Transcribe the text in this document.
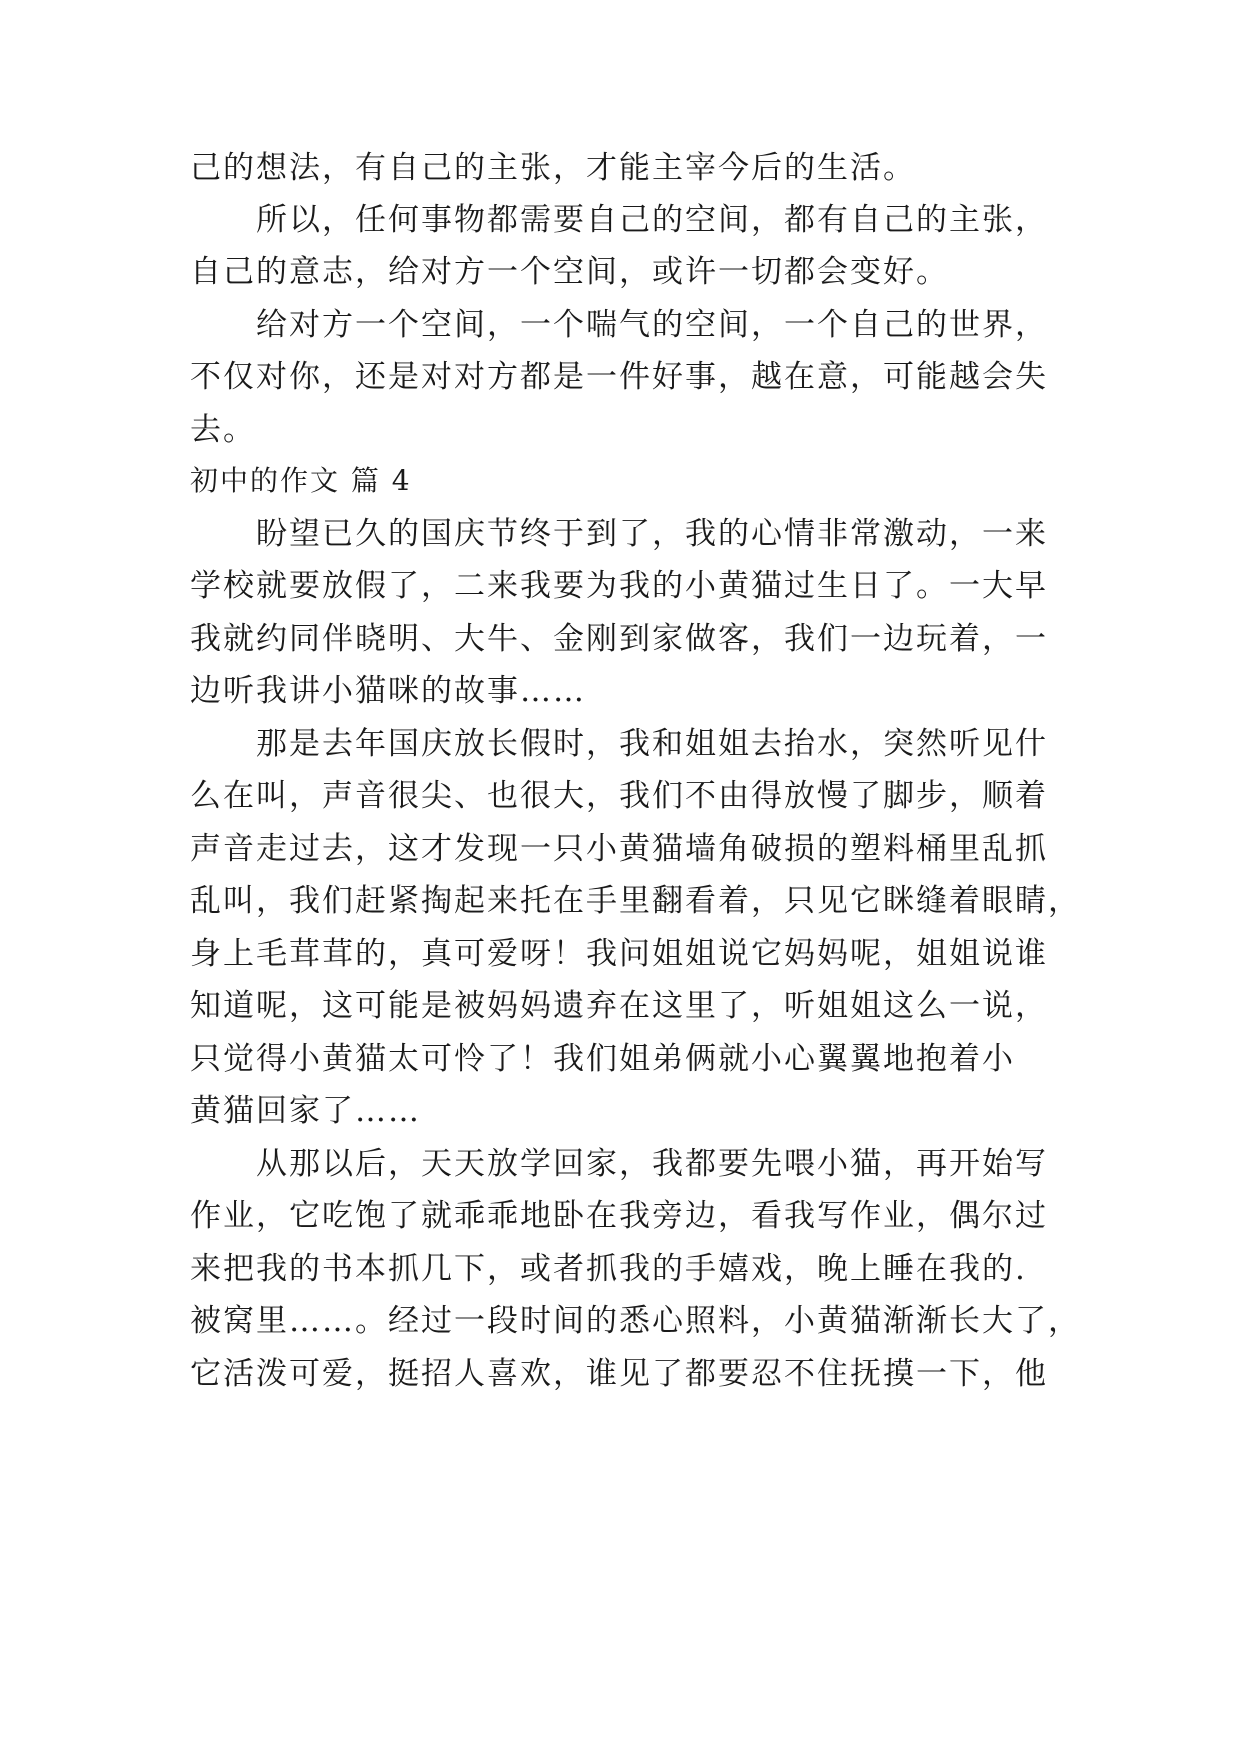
己的想法，有自己的主张，才能主宰今后的生活。
所以，任何事物都需要自己的空间，都有自己的主张，
自己的意志，给对方一个空间，或许一切都会变好。
给对方一个空间，一个喘气的空间，一个自己的世界，
不仅对你，还是对对方都是一件好事，越在意，可能越会失
去。
初中的作文 篇 4
盼望已久的国庆节终于到了，我的心情非常激动，一来
学校就要放假了，二来我要为我的小黄猫过生日了。一大早
我就约同伴晓明、大牛、金刚到家做客，我们一边玩着，一
边听我讲小猫咪的故事……
那是去年国庆放长假时，我和姐姐去抬水，突然听见什
么在叫，声音很尖、也很大，我们不由得放慢了脚步，顺着
声音走过去，这才发现一只小黄猫墙角破损的塑料桶里乱抓
乱叫，我们赶紧掏起来托在手里翻看着，只见它眯缝着眼睛，
身上毛茸茸的，真可爱呀！我问姐姐说它妈妈呢，姐姐说谁
知道呢，这可能是被妈妈遗弃在这里了，听姐姐这么一说，
只觉得小黄猫太可怜了！我们姐弟俩就小心翼翼地抱着小
黄猫回家了……
从那以后，天天放学回家，我都要先喂小猫，再开始写
作业，它吃饱了就乖乖地卧在我旁边，看我写作业，偶尔过
来把我的书本抓几下，或者抓我的手嬉戏，晚上睡在我的.
被窝里……。经过一段时间的悉心照料，小黄猫渐渐长大了，
它活泼可爱，挺招人喜欢，谁见了都要忍不住抚摸一下，他
